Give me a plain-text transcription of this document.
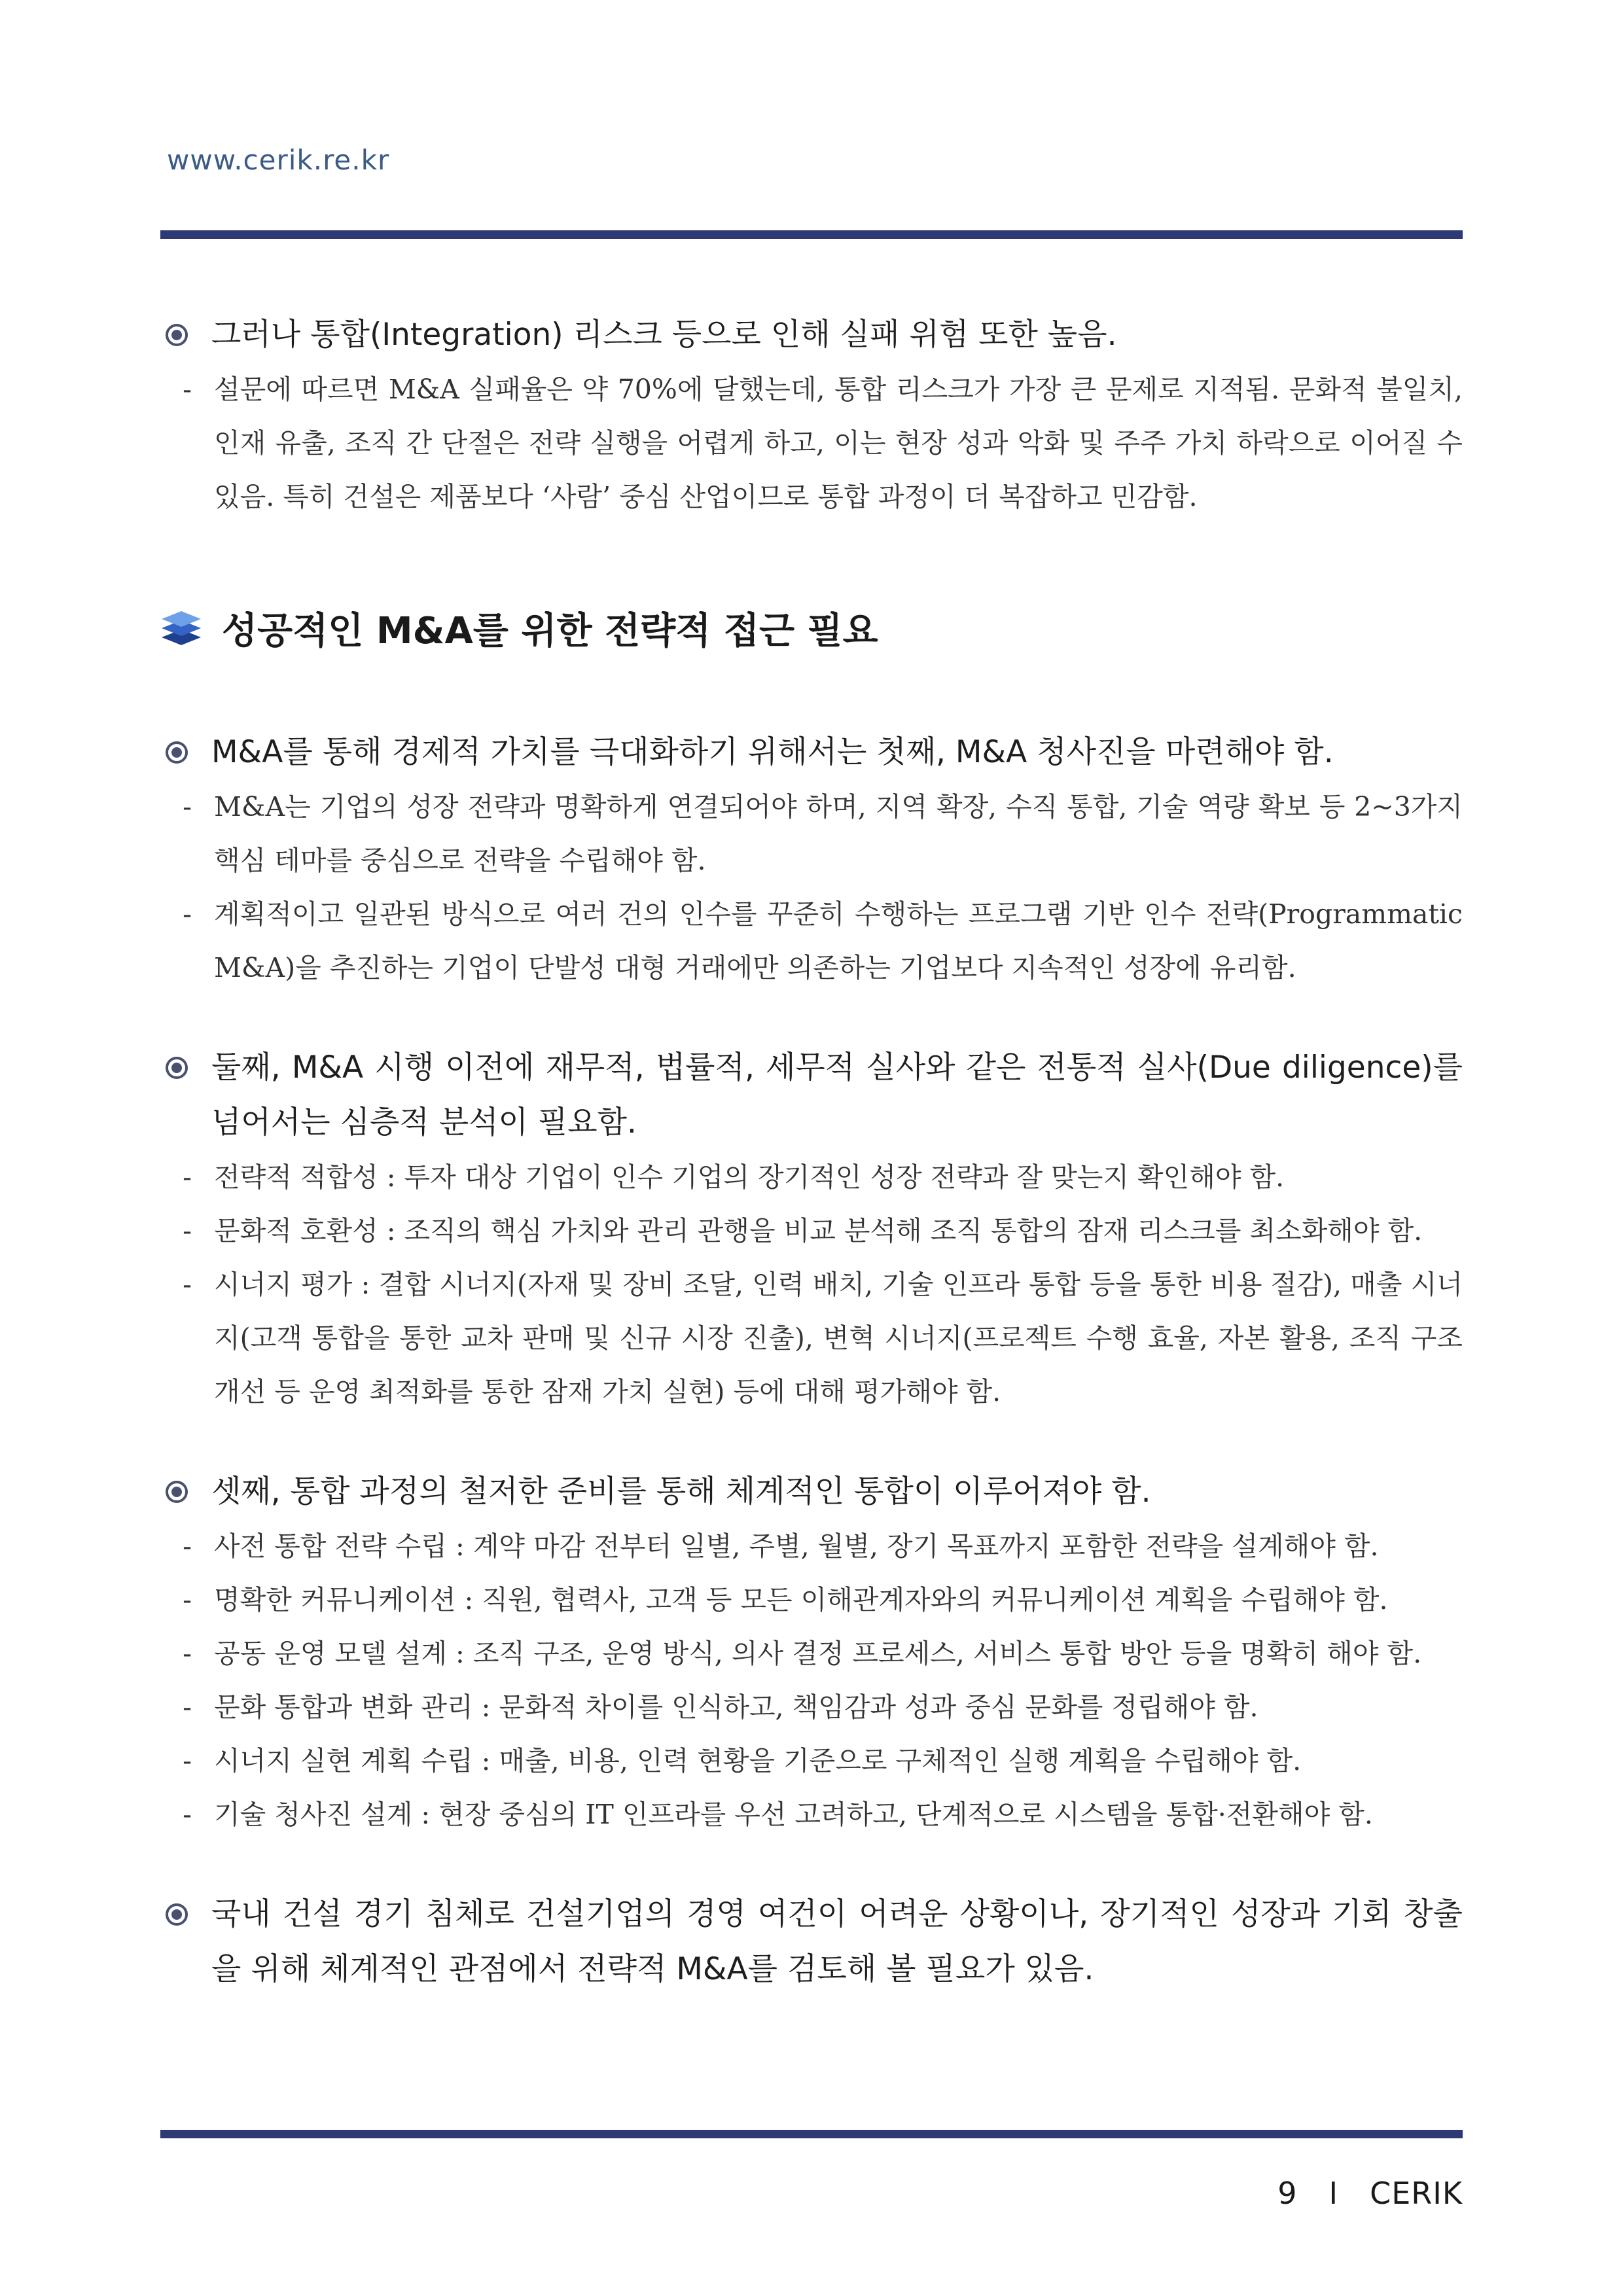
www.cerik.re.kr
그러나 통합(Integration) 리스크 등으로 인해 실패 위험 또한 높음.
- 설문에 따르면 M&A 실패율은 약 70%에 달했는데, 통합 리스크가 가장 큰 문제로 지적됨. 문화적 불일치, 인재 유출, 조직 간 단절은 전략 실행을 어렵게 하고, 이는 현장 성과 악화 및 주주 가치 하락으로 이어질 수 있음. 특히 건설은 제품보다 ‘사람’ 중심 산업이므로 통합 과정이 더 복잡하고 민감함.
성공적인 M&A를 위한 전략적 접근 필요
M&A를 통해 경제적 가치를 극대화하기 위해서는 첫째, M&A 청사진을 마련해야 함.
- M&A는 기업의 성장 전략과 명확하게 연결되어야 하며, 지역 확장, 수직 통합, 기술 역량 확보 등 2~3가지 핵심 테마를 중심으로 전략을 수립해야 함.
- 계획적이고 일관된 방식으로 여러 건의 인수를 꾸준히 수행하는 프로그램 기반 인수 전략(Programmatic M&A)을 추진하는 기업이 단발성 대형 거래에만 의존하는 기업보다 지속적인 성장에 유리함.
둘째, M&A 시행 이전에 재무적, 법률적, 세무적 실사와 같은 전통적 실사(Due diligence)를 넘어서는 심층적 분석이 필요함.
- 전략적 적합성 : 투자 대상 기업이 인수 기업의 장기적인 성장 전략과 잘 맞는지 확인해야 함.
- 문화적 호환성 : 조직의 핵심 가치와 관리 관행을 비교 분석해 조직 통합의 잠재 리스크를 최소화해야 함.
- 시너지 평가 : 결합 시너지(자재 및 장비 조달, 인력 배치, 기술 인프라 통합 등을 통한 비용 절감), 매출 시너지(고객 통합을 통한 교차 판매 및 신규 시장 진출), 변혁 시너지(프로젝트 수행 효율, 자본 활용, 조직 구조 개선 등 운영 최적화를 통한 잠재 가치 실현) 등에 대해 평가해야 함.
셋째, 통합 과정의 철저한 준비를 통해 체계적인 통합이 이루어져야 함.
- 사전 통합 전략 수립 : 계약 마감 전부터 일별, 주별, 월별, 장기 목표까지 포함한 전략을 설계해야 함.
- 명확한 커뮤니케이션 : 직원, 협력사, 고객 등 모든 이해관계자와의 커뮤니케이션 계획을 수립해야 함.
- 공동 운영 모델 설계 : 조직 구조, 운영 방식, 의사 결정 프로세스, 서비스 통합 방안 등을 명확히 해야 함.
- 문화 통합과 변화 관리 : 문화적 차이를 인식하고, 책임감과 성과 중심 문화를 정립해야 함.
- 시너지 실현 계획 수립 : 매출, 비용, 인력 현황을 기준으로 구체적인 실행 계획을 수립해야 함.
- 기술 청사진 설계 : 현장 중심의 IT 인프라를 우선 고려하고, 단계적으로 시스템을 통합·전환해야 함.
국내 건설 경기 침체로 건설기업의 경영 여건이 어려운 상황이나, 장기적인 성장과 기회 창출을 위해 체계적인 관점에서 전략적 M&A를 검토해 볼 필요가 있음.
9 I CERIK
